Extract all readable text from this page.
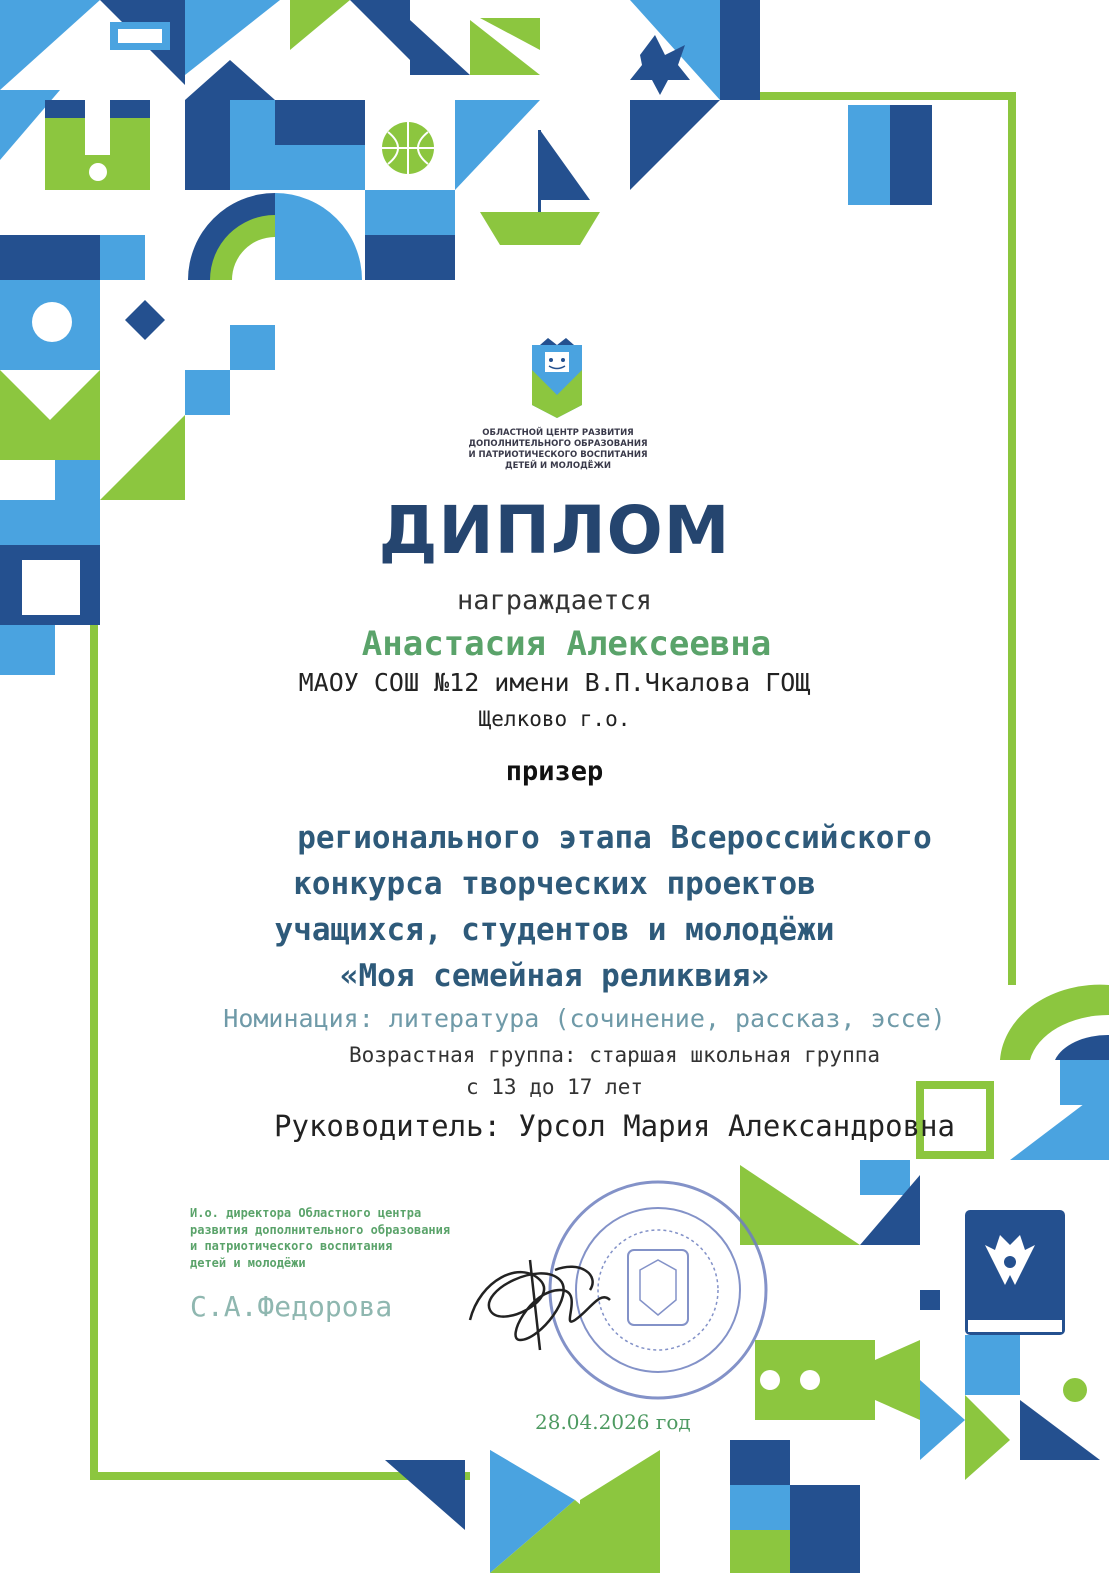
ОБЛАСТНОЙ ЦЕНТР РАЗВИТИЯ
ДОПОЛНИТЕЛЬНОГО ОБРАЗОВАНИЯ
И ПАТРИОТИЧЕСКОГО ВОСПИТАНИЯ
ДЕТЕЙ И МОЛОДЁЖИ
ДИПЛОМ
награждается
Анастасия Алексеевна
МАОУ СОШ №12 имени В.П.Чкалова ГОЩ
Щелково г.о.
призер
регионального этапа Всероссийского
конкурса творческих проектов
учащихся, студентов и молодёжи
«Моя семейная реликвия»
Номинация: литература (сочинение, рассказ, эссе)
Возрастная группа: старшая школьная группа
с 13 до 17 лет
Руководитель: Урсол Мария Александровна
И.о. директора Областного центра
развития дополнительного образования
и патриотического воспитания
детей и молодёжи
С.А.Федорова
28.04.2026 год
